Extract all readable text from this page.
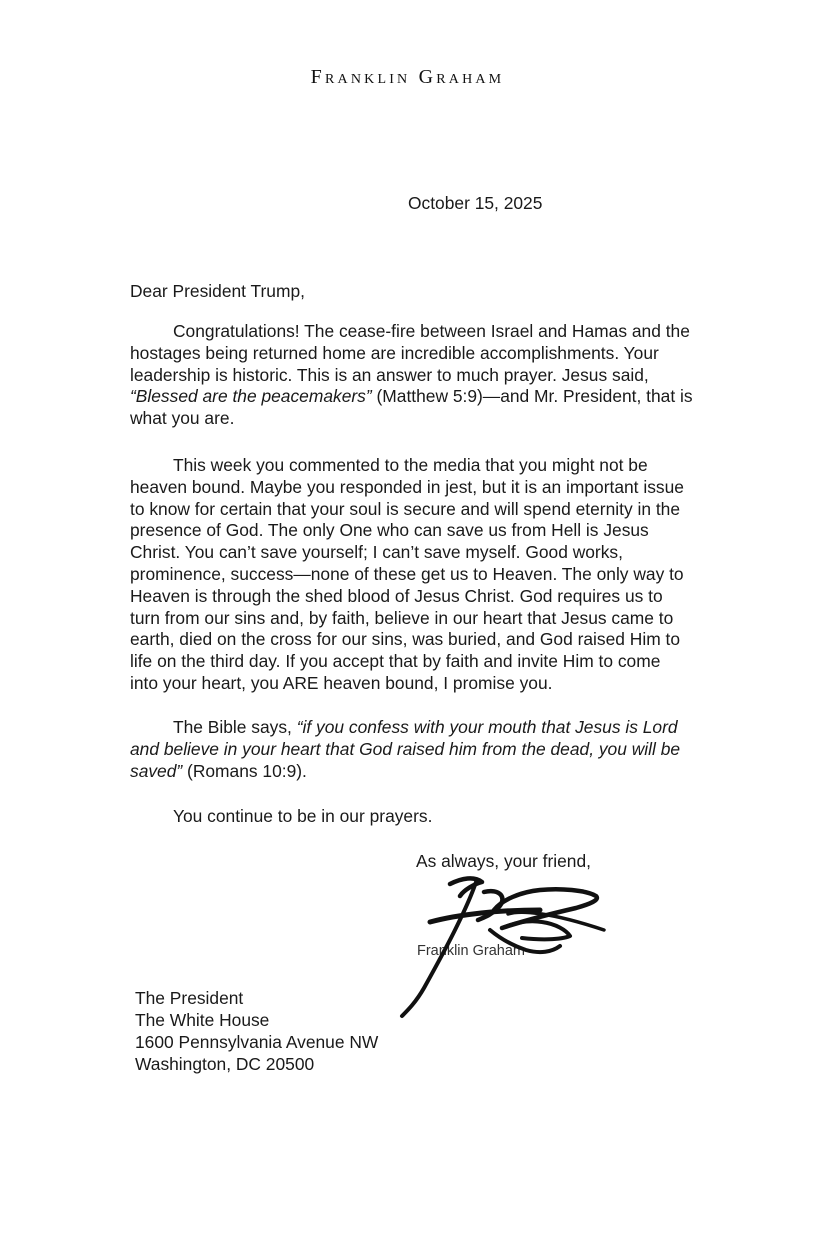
Franklin Graham
October 15, 2025
Dear President Trump,

Congratulations! The cease-fire between Israel and Hamas and the
hostages being returned home are incredible accomplishments. Your
leadership is historic. This is an answer to much prayer. Jesus said,
“Blessed are the peacemakers” (Matthew 5:9)—and Mr. President, that is
what you are.

This week you commented to the media that you might not be
heaven bound. Maybe you responded in jest, but it is an important issue
to know for certain that your soul is secure and will spend eternity in the
presence of God. The only One who can save us from Hell is Jesus
Christ. You can’t save yourself; I can’t save myself. Good works,
prominence, success—none of these get us to Heaven. The only way to
Heaven is through the shed blood of Jesus Christ. God requires us to
turn from our sins and, by faith, believe in our heart that Jesus came to
earth, died on the cross for our sins, was buried, and God raised Him to
life on the third day. If you accept that by faith and invite Him to come
into your heart, you ARE heaven bound, I promise you.

The Bible says, “if you confess with your mouth that Jesus is Lord
and believe in your heart that God raised him from the dead, you will be
saved” (Romans 10:9).

You continue to be in our prayers.
As always, your friend,
Franklin Graham
The President
The White House
1600 Pennsylvania Avenue NW
Washington, DC 20500
